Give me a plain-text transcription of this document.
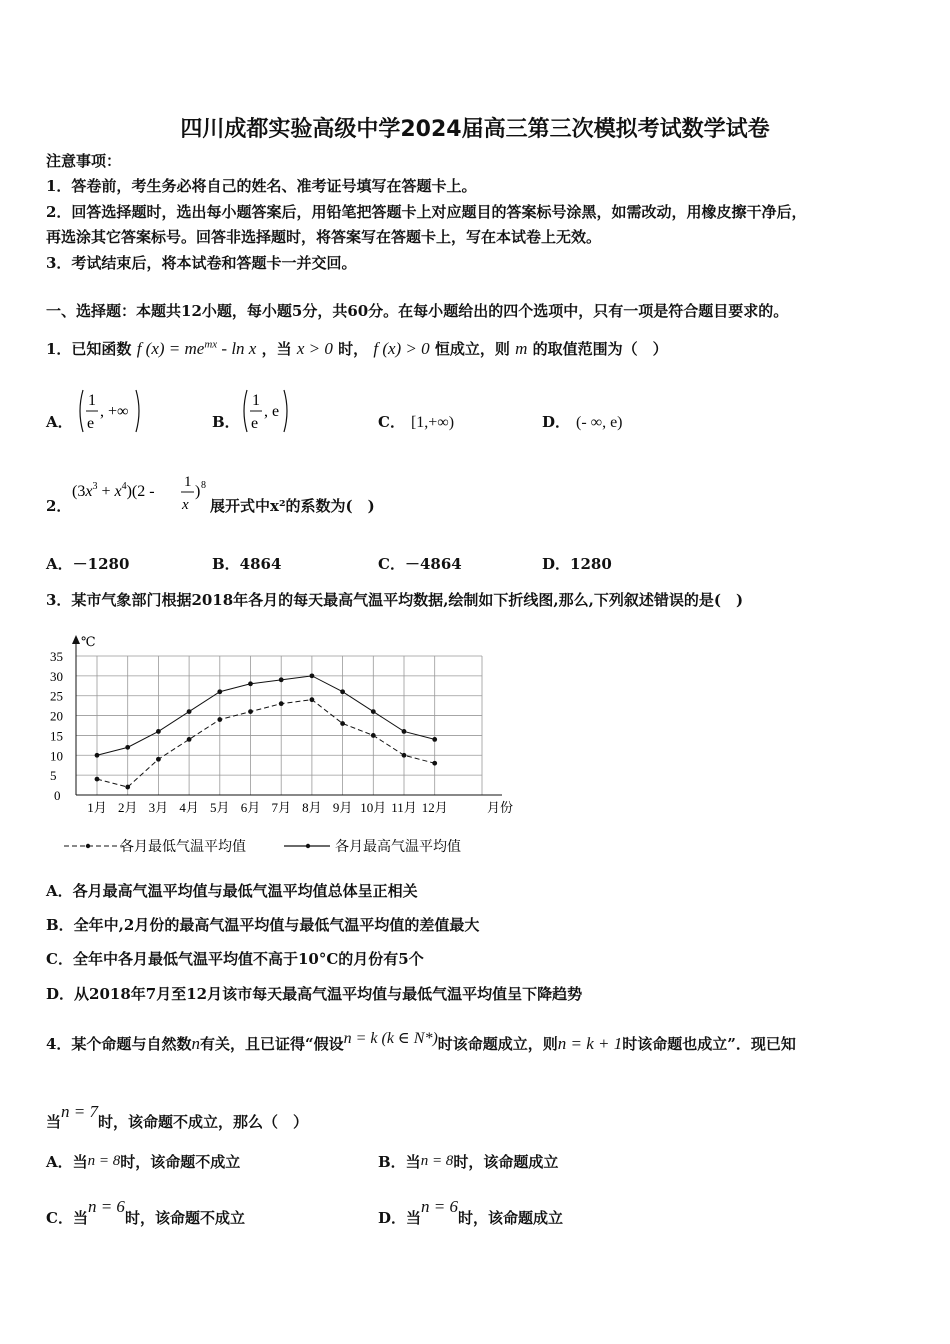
四川成都实验高级中学2024届高三第三次模拟考试数学试卷
注意事项：
1．答卷前，考生务必将自己的姓名、准考证号填写在答题卡上。
2．回答选择题时，选出每小题答案后，用铅笔把答题卡上对应题目的答案标号涂黑，如需改动，用橡皮擦干净后，
再选涂其它答案标号。回答非选择题时，将答案写在答题卡上，写在本试卷上无效。
3．考试结束后，将本试卷和答题卡一并交回。
一、选择题：本题共12小题，每小题5分，共60分。在每小题给出的四个选项中，只有一项是符合题目要求的。
1．已知函数 f $(x) = me^{mx} - \ln x$ ，当 x > 0 时， f (x) > 0 恒成立，则 m 的取值范围为（　）
A．
1
e
, +∞
B．
1
e
, e
C． [1,+∞)	D． (- ∞, e)
2．
$(3x^3 + x^4)(2$ -
1
x
) 8
展开式中x²的系数为(　)
A．－1280	B．4864	C．－4864	D．1280
3．某市气象部门根据2018年各月的每天最高气温平均数据,绘制如下折线图,那么,下列叙述错误的是(　)
℃
0
5
10
15
20
25
30
35
1月 2月 3月 4月 5月 6月 7月 8月 9月 10月 11月 12月	月份
各月最低气温平均值	各月最高气温平均值
A．各月最高气温平均值与最低气温平均值总体呈正相关
B．全年中,2月份的最高气温平均值与最低气温平均值的差值最大
C．全年中各月最低气温平均值不高于10°C的月份有5个
D．从2018年7月至12月该市每天最高气温平均值与最低气温平均值呈下降趋势
4．某个命题与自然数n有关，且已证得“假设n = k (k ∈ N*)时该命题成立，则n = k + 1时该命题也成立”．现已知
当n = 7时，该命题不成立，那么（　）
A．当n = 8时，该命题不成立	B．当n = 8时，该命题成立
C．当n = 6时，该命题不成立	D．当n = 6时，该命题成立
